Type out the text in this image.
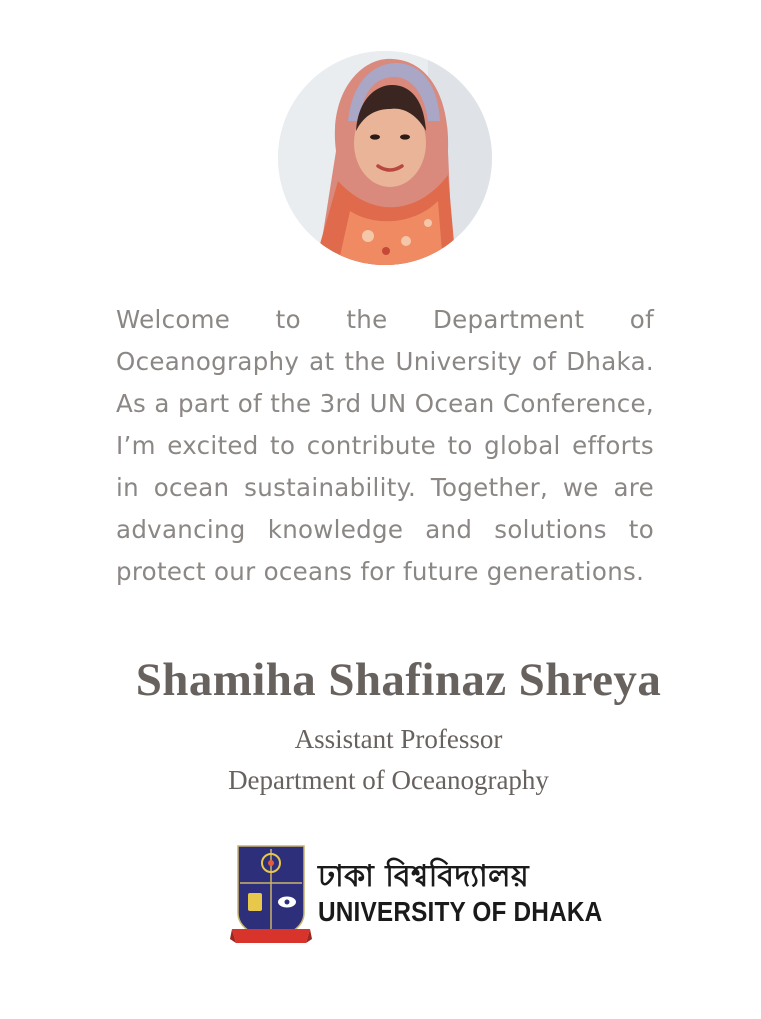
Welcome to the Department of Oceanography at the University of Dhaka. As a part of the 3rd UN Ocean Conference, I’m excited to contribute to global efforts in ocean sustainability. Together, we are advancing knowledge and solutions to protect our oceans for future generations.

Shamiha Shafinaz Shreya

Assistant Professor

Department of Oceanography

ঢাকা বিশ্ববিদ্যালয়
UNIVERSITY OF DHAKA
